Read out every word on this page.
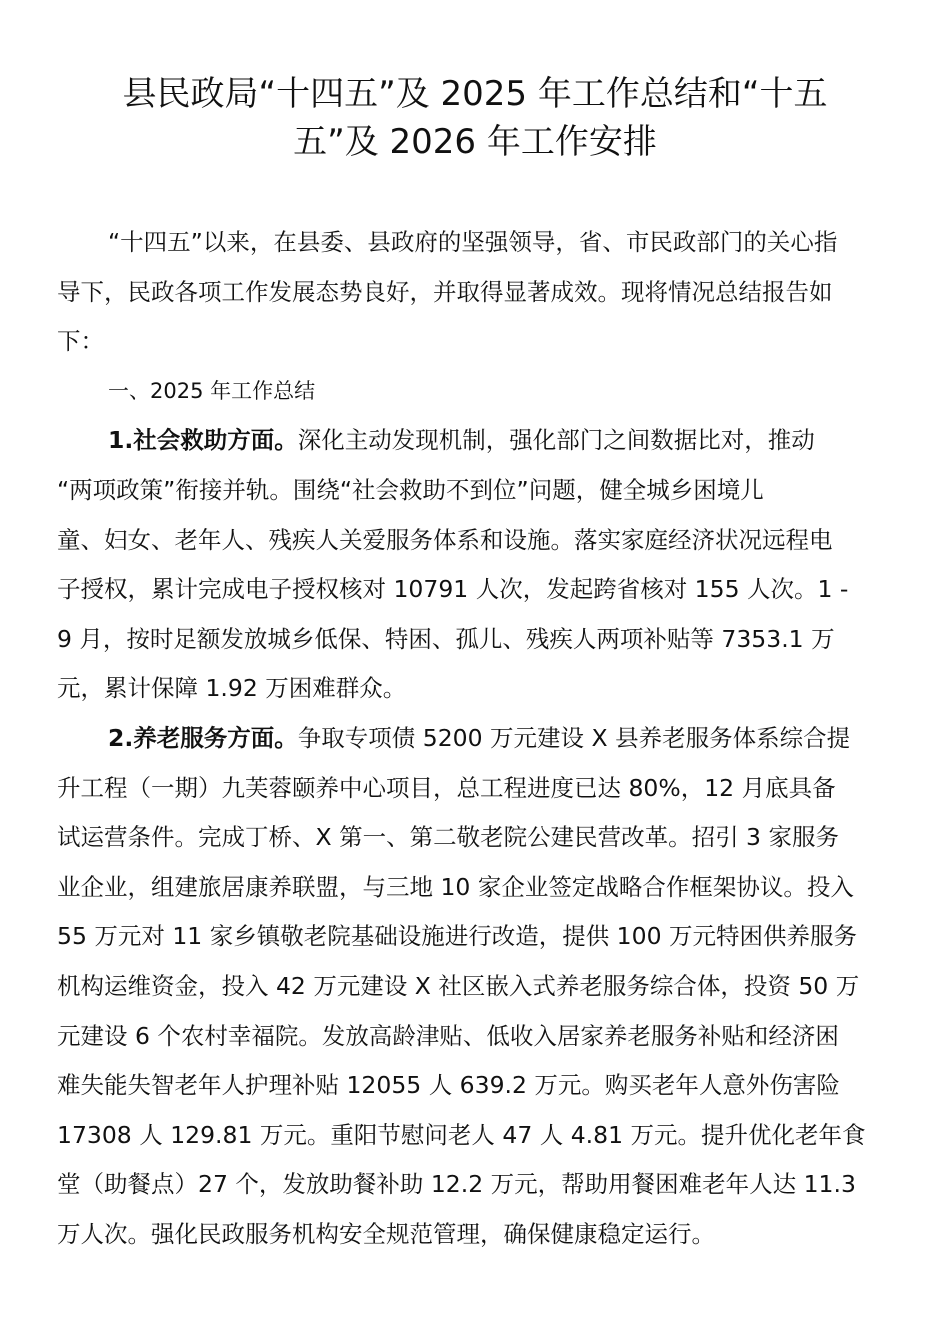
县民政局“十四五”及 2025 年工作总结和“十五
五”及 2026 年工作安排
“十四五”以来，在县委、县政府的坚强领导，省、市民政部门的关心指
导下，民政各项工作发展态势良好，并取得显著成效。现将情况总结报告如
下：
一、2025 年工作总结
1.社会救助方面。深化主动发现机制，强化部门之间数据比对，推动
“两项政策”衔接并轨。围绕“社会救助不到位”问题，健全城乡困境儿
童、妇女、老年人、残疾人关爱服务体系和设施。落实家庭经济状况远程电
子授权，累计完成电子授权核对 10791 人次，发起跨省核对 155 人次。1 -
9 月，按时足额发放城乡低保、特困、孤儿、残疾人两项补贴等 7353.1 万
元，累计保障 1.92 万困难群众。
2.养老服务方面。争取专项债 5200 万元建设 X 县养老服务体系综合提
升工程（一期）九芙蓉颐养中心项目，总工程进度已达 80%，12 月底具备
试运营条件。完成丁桥、X 第一、第二敬老院公建民营改革。招引 3 家服务
业企业，组建旅居康养联盟，与三地 10 家企业签定战略合作框架协议。投入
55 万元对 11 家乡镇敬老院基础设施进行改造，提供 100 万元特困供养服务
机构运维资金，投入 42 万元建设 X 社区嵌入式养老服务综合体，投资 50 万
元建设 6 个农村幸福院。发放高龄津贴、低收入居家养老服务补贴和经济困
难失能失智老年人护理补贴 12055 人 639.2 万元。购买老年人意外伤害险
17308 人 129.81 万元。重阳节慰问老人 47 人 4.81 万元。提升优化老年食
堂（助餐点）27 个，发放助餐补助 12.2 万元，帮助用餐困难老年人达 11.3
万人次。强化民政服务机构安全规范管理，确保健康稳定运行。
